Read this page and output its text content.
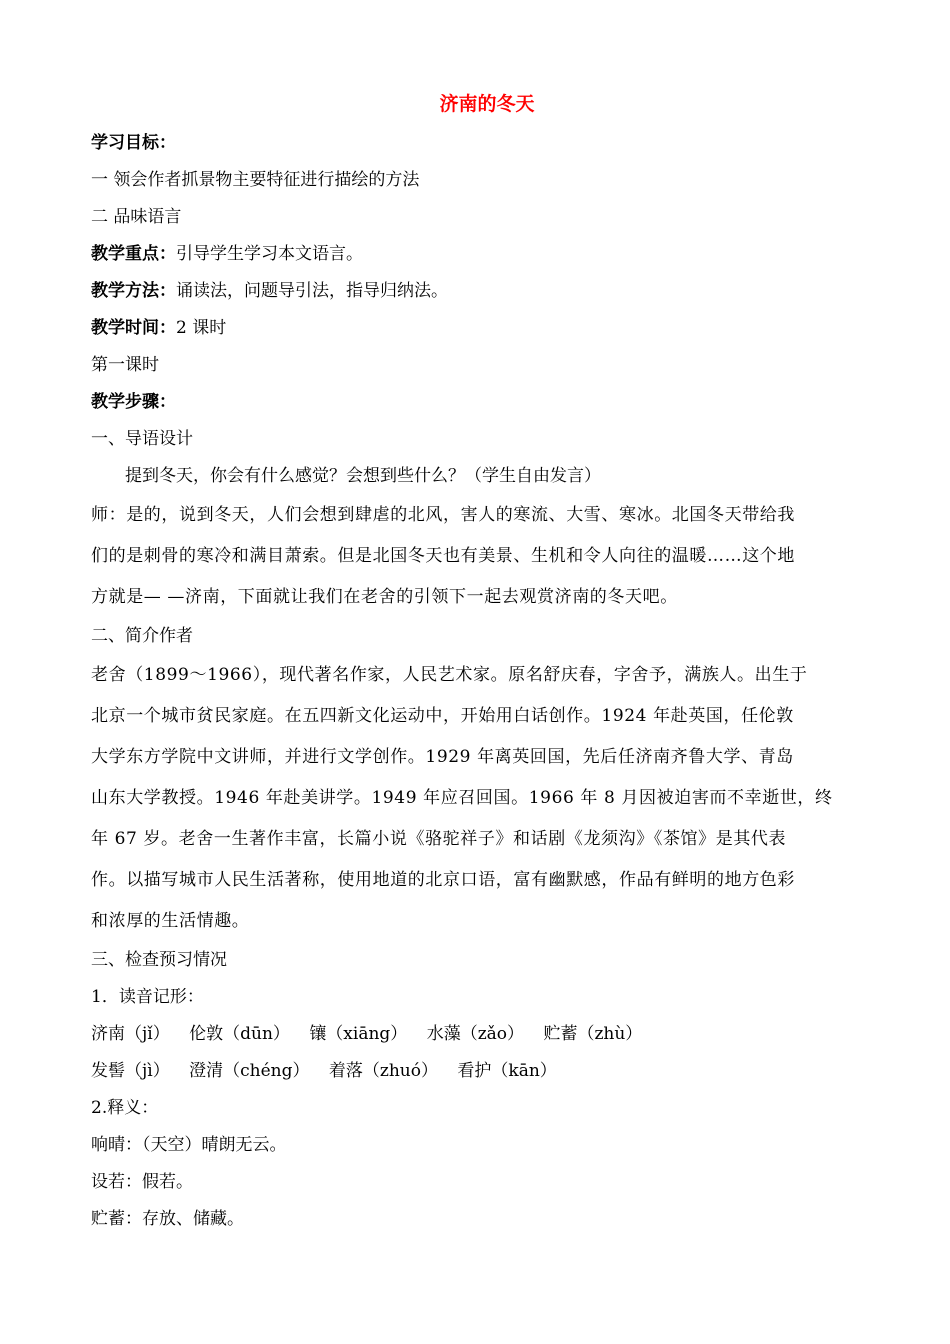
济南的冬天
学习目标：
一 领会作者抓景物主要特征进行描绘的方法
二 品味语言
教学重点：引导学生学习本文语言。
教学方法：诵读法，问题导引法，指导归纳法。
教学时间：2 课时
第一课时
教学步骤：
一、导语设计
提到冬天，你会有什么感觉？会想到些什么？（学生自由发言）
师：是的，说到冬天，人们会想到肆虐的北风，害人的寒流、大雪、寒冰。北国冬天带给我
们的是刺骨的寒冷和满目萧索。但是北国冬天也有美景、生机和令人向往的温暖……这个地
方就是— —济南，下面就让我们在老舍的引领下一起去观赏济南的冬天吧。
二、简介作者
老舍（1899～1966），现代著名作家，人民艺术家。原名舒庆春，字舍予，满族人。出生于
北京一个城市贫民家庭。在五四新文化运动中，开始用白话创作。1924 年赴英国，任伦敦
大学东方学院中文讲师，并进行文学创作。1929 年离英回国，先后任济南齐鲁大学、青岛
山东大学教授。1946 年赴美讲学。1949 年应召回国。1966 年 8 月因被迫害而不幸逝世，终
年 67 岁。老舍一生著作丰富，长篇小说《骆驼祥子》和话剧《龙须沟》《茶馆》是其代表
作。以描写城市人民生活著称，使用地道的北京口语，富有幽默感，作品有鲜明的地方色彩
和浓厚的生活情趣。
三、检查预习情况
1．读音记形：
济南（jǐ） 伦敦（dūn） 镶（xiāng） 水藻（zǎo） 贮蓄（zhù）
发髻（jì） 澄清（chéng） 着落（zhuó） 看护（kān）
2.释义：
响晴：（天空）晴朗无云。
设若：假若。
贮蓄：存放、储藏。
